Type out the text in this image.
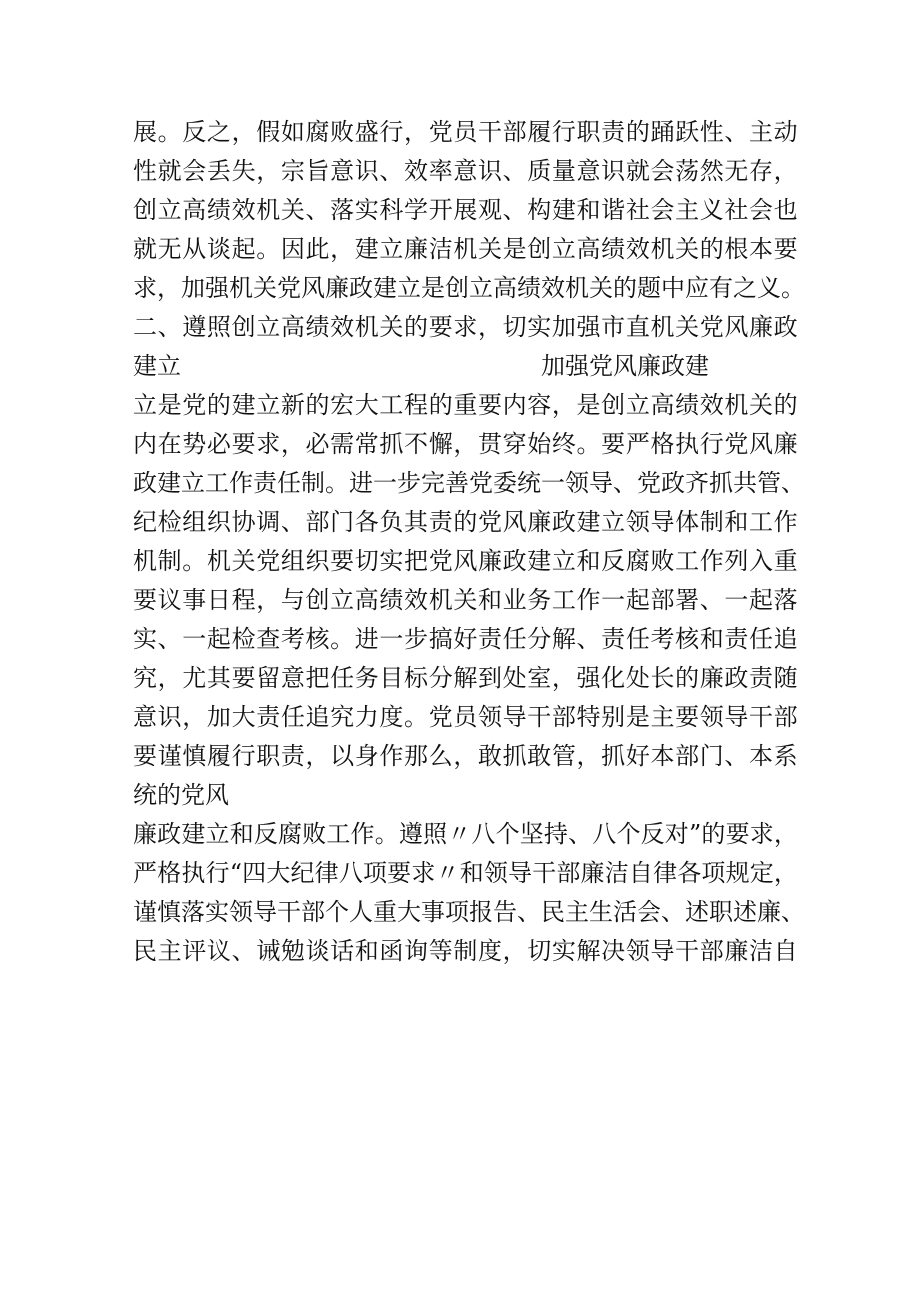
展 。 反 之 ， 假 如 腐 败 盛 行 ， 党 员 干 部 履 行 职 责 的 踊 跃 性 、 主 动
性 就 会 丢 失 ， 宗 旨 意 识 、 效 率 意 识 、 质 量 意 识 就 会 荡 然 无 存 ，
创 立 高 绩 效 机 关 、 落 实 科 学 开 展 观 、 构 建 和 谐 社 会 主 义 社 会 也
就 无 从 谈 起 。 因 此 ， 建 立 廉 洁 机 关 是 创 立 高 绩 效 机 关 的 根 本 要
求 ， 加 强 机 关 党 风 廉 政 建 立 是 创 立 高 绩 效 机 关 的 题 中 应 有 之 义 。
二 、 遵 照 创 立 高 绩 效 机 关 的 要 求 ， 切 实 加 强 市 直 机 关 党 风 廉 政
建立	加强党风廉政建
立 是 党 的 建 立 新 的 宏 大 工 程 的 重 要 内 容 ， 是 创 立 高 绩 效 机 关 的
内 在 势 必 要 求 ， 必 需 常 抓 不 懈 ， 贯 穿 始 终 。 要 严 格 执 行 党 风 廉
政 建 立 工 作 责 任 制 。 进 一 步 完 善 党 委 统 一 领 导 、 党 政 齐 抓 共 管 、
纪 检 组 织 协 调 、 部 门 各 负 其 责 的 党 风 廉 政 建 立 领 导 体 制 和 工 作
机 制 。 机 关 党 组 织 要 切 实 把 党 风 廉 政 建 立 和 反 腐 败 工 作 列 入 重
要 议 事 日 程 ， 与 创 立 高 绩 效 机 关 和 业 务 工 作 一 起 部 署 、 一 起 落
实 、 一 起 检 查 考 核 。 进 一 步 搞 好 责 任 分 解 、 责 任 考 核 和 责 任 追
究 ， 尤 其 要 留 意 把 任 务 目 标 分 解 到 处 室 ， 强 化 处 长 的 廉 政 责 随
意 识 ， 加 大 责 任 追 究 力 度 。 党 员 领 导 干 部 特 别 是 主 要 领 导 干 部
要 谨 慎 履 行 职 责 ， 以 身 作 那 么 ， 敢 抓 敢 管 ， 抓 好 本 部 门 、 本 系
统的党风
廉 政 建 立 和 反 腐 败 工 作 。 遵 照 〃 八 个 坚 持 、 八 个 反 对 ” 的 要 求 ，
严 格 执 行 “ 四 大 纪 律 八 项 要 求 〃 和 领 导 干 部 廉 洁 自 律 各 项 规 定 ，
谨 慎 落 实 领 导 干 部 个 人 重 大 事 项 报 告 、 民 主 生 活 会 、 述 职 述 廉 、
民 主 评 议 、 诫 勉 谈 话 和 函 询 等 制 度 ， 切 实 解 决 领 导 干 部 廉 洁 自
